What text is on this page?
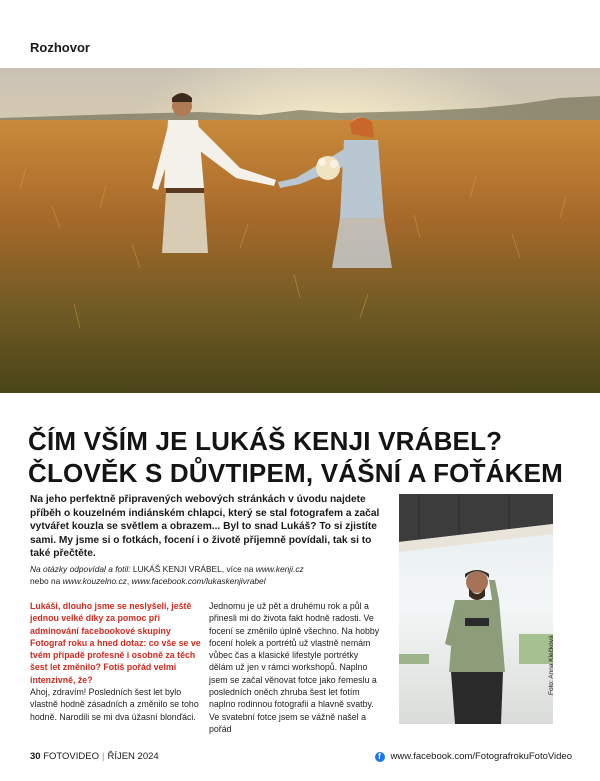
Rozhovor
ČÍM VŠÍM JE LUKÁŠ KENJI VRÁBEL?
ČLOVĚK S DŮVTIPEM, VÁŠNÍ A FOŤÁKEM
Na jeho perfektně připravených webových stránkách v úvodu najdete příběh o kouzelném indiánském chlapci, který se stal fotografem a začal vytvářet kouzla se světlem a obrazem... Byl to snad Lukáš? To si zjistíte sami. My jsme si o fotkách, focení i o životě příjemně povídali, tak si to také přečtěte.
Na otázky odpovídal a fotil: LUKÁŠ KENJI VRÁBEL, více na www.kenji.cz
nebo na www.kouzelno.cz, www.facebook.com/lukaskenjivrabel
Lukáši, dlouho jsme se neslyšeli, ještě jednou velké díky za pomoc při adminování facebookové skupiny Fotograf roku a hned dotaz: co vše se ve tvém případě profesně i osobně za těch šest let změnilo? Fotíš pořád velmi intenzivně, že?
Ahoj, zdravím! Posledních šest let bylo vlastně hodně zásadních a změnilo se toho hodně. Narodili se mi dva úžasní blonďáci.
Jednomu je už pět a druhému rok a půl a přinesli mi do života fakt hodně radosti. Ve focení se změnilo úplně všechno. Na hobby focení holek a portrétů už vlastně nemám vůbec čas a klasické lifestyle portrétky dělám už jen v rámci workshopů. Naplno jsem se začal věnovat fotce jako řemeslu a posledních oněch zhruba šest let fotím naplno rodinnou fotografii a hlavně svatby. Ve svatební fotce jsem se vážně našel a pořád
Foto: Anna Klečková
30 FOTOVIDEO | ŘÍJEN 2024	f	www.facebook.com/FotografrokuFotoVideo
